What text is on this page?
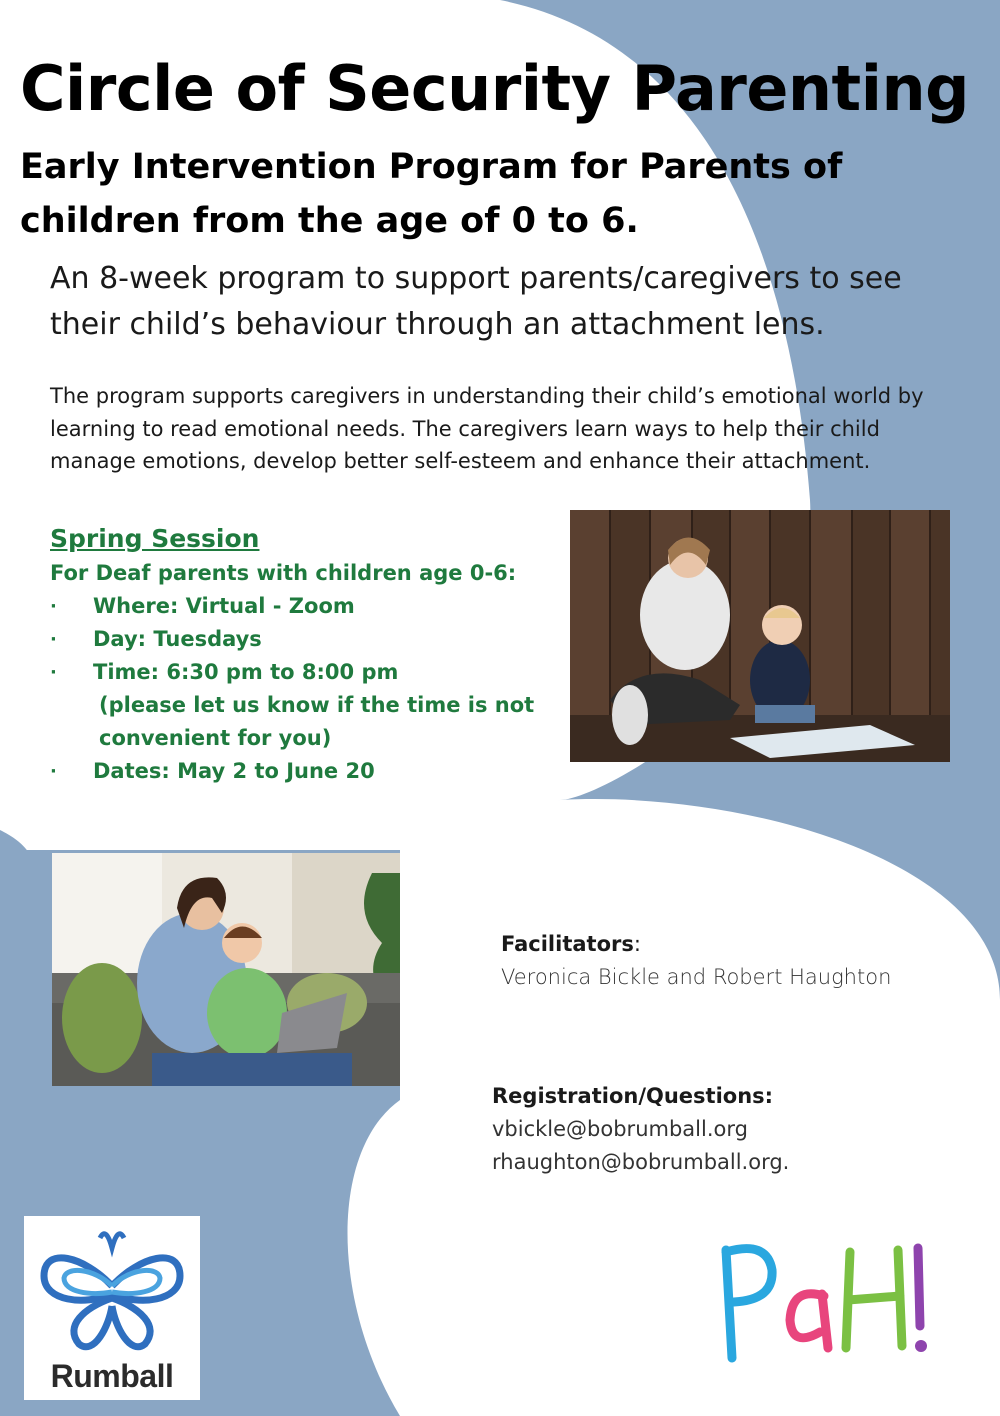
Circle of Security Parenting

Early Intervention Program for Parents of children from the age of 0 to 6.

An 8-week program to support parents/caregivers to see their child’s behaviour through an attachment lens.

The program supports caregivers in understanding their child’s emotional world by learning to read emotional needs. The caregivers learn ways to help their child manage emotions, develop better self-esteem and enhance their attachment.

Spring Session
For Deaf parents with children age 0-6:
· Where: Virtual - Zoom
· Day: Tuesdays
· Time: 6:30 pm to 8:00 pm
(please let us know if the time is not convenient for you)
· Dates: May 2 to June 20
Facilitators:
Veronica Bickle and Robert Haughton
Registration/Questions:
vbickle@bobrumball.org
rhaughton@bobrumball.org.
Rumball
